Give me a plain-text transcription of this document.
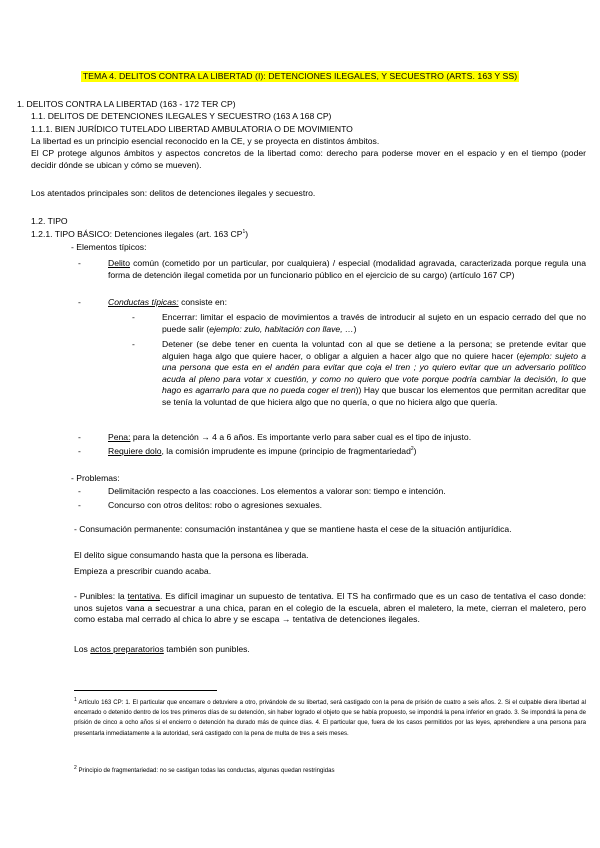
TEMA 4. DELITOS CONTRA LA LIBERTAD (I): DETENCIONES ILEGALES, Y SECUESTRO (ARTS. 163 Y SS)
1. DELITOS CONTRA LA LIBERTAD (163 - 172 TER CP)
1.1. DELITOS DE DETENCIONES ILEGALES Y SECUESTRO (163 A 168 CP)
1.1.1. BIEN JURÍDICO TUTELADO LIBERTAD AMBULATORIA O DE MOVIMIENTO
La libertad es un principio esencial reconocido en la CE, y se proyecta en distintos ámbitos.
El CP protege algunos ámbitos y aspectos concretos de la libertad como: derecho para poderse mover en el espacio y en el tiempo (poder decidir dónde se ubican y cómo se mueven).
Los atentados principales son: delitos de detenciones ilegales y secuestro.
1.2. TIPO
1.2.1. TIPO BÁSICO: Detenciones ilegales (art. 163 $CP^1$)
- Elementos típicos:
- Delito común (cometido por un particular, por cualquiera) / especial (modalidad agravada, caracterizada porque regula una forma de detención ilegal cometida por un funcionario público en el ejercicio de su cargo) (artículo 167 CP)
- Conductas típicas: consiste en:
- Encerrar: limitar el espacio de movimientos a través de introducir al sujeto en un espacio cerrado del que no puede salir (ejemplo: zulo, habitación con llave, …)
- Detener (se debe tener en cuenta la voluntad con al que se detiene a la persona; se pretende evitar que alguien haga algo que quiere hacer, o obligar a alguien a hacer algo que no quiere hacer (ejemplo: sujeto a una persona que esta en el andén para evitar que coja el tren ; yo quiero evitar que un adversario político acuda al pleno para votar x cuestión, y como no quiero que vote porque podría cambiar la decisión, lo que hago es agarrarlo para que no pueda coger el tren)) Hay que buscar los elementos que permitan acreditar que se tenía la voluntad de que hiciera algo que no quería, o que no hiciera algo que quería.
- Pena: para la detención → 4 a 6 años. Es importante verlo para saber cual es el tipo de injusto.
- Requiere dolo, la comisión imprudente es impune (principio de fragmentariedad$^2$)
- Problemas:
- Delimitación respecto a las coacciones. Los elementos a valorar son: tiempo e intención.
- Concurso con otros delitos: robo o agresiones sexuales.
- Consumación permanente: consumación instantánea y que se mantiene hasta el cese de la situación antijurídica.
El delito sigue consumando hasta que la persona es liberada.
Empieza a prescribir cuando acaba.
- Punibles: la tentativa. Es difícil imaginar un supuesto de tentativa. El TS ha confirmado que es un caso de tentativa el caso donde: unos sujetos vana a secuestrar a una chica, paran en el colegio de la escuela, abren el maletero, la mete, cierran el maletero, pero como estaba mal cerrado al chica lo abre y se escapa → tentativa de detenciones ilegales.
Los actos preparatorios también son punibles.
$^1$ Artículo 163 CP: 1. El particular que encerrare o detuviere a otro, privándole de su libertad, será castigado con la pena de prisión de cuatro a seis años. 2. Si el culpable diera libertad al encerrado o detenido dentro de los tres primeros días de su detención, sin haber logrado el objeto que se había propuesto, se impondrá la pena inferior en grado. 3. Se impondrá la pena de prisión de cinco a ocho años si el encierro o detención ha durado más de quince días. 4. El particular que, fuera de los casos permitidos por las leyes, aprehendiere a una persona para presentarla inmediatamente a la autoridad, será castigado con la pena de multa de tres a seis meses.
$^2$ Principio de fragmentariedad: no se castigan todas las conductas, algunas quedan restringidas
